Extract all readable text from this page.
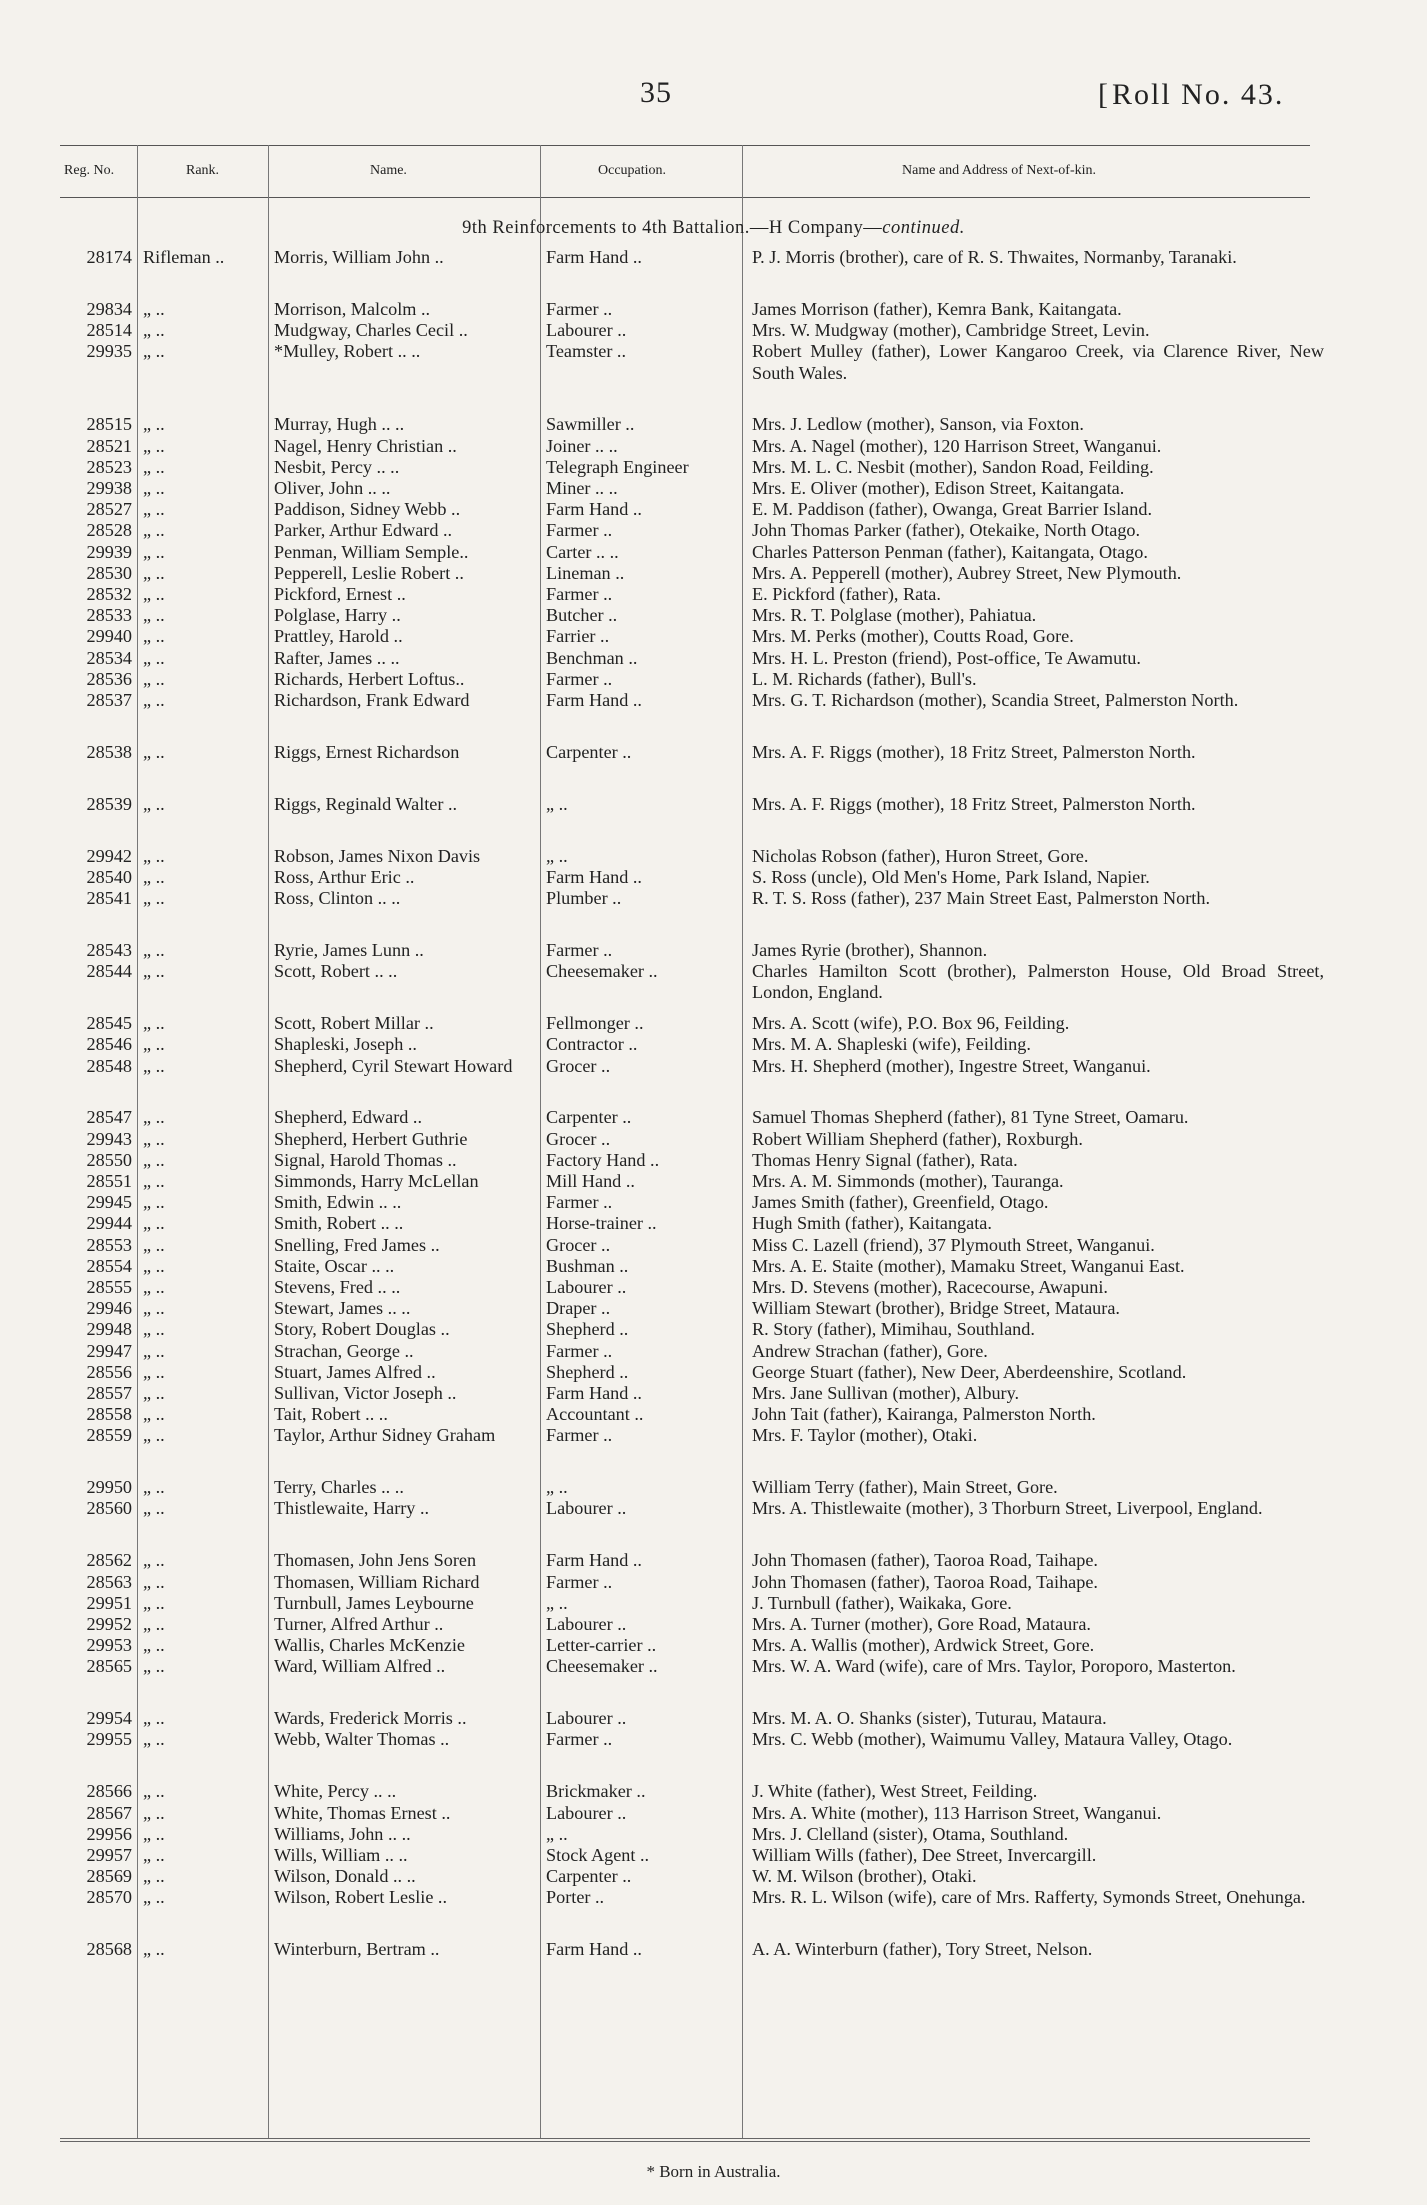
35
[	Roll No. 43.
Reg. No.	Rank.	Name.	Occupation.	Name and Address of Next-of-kin.
9th Reinforcements to 4th Battalion.—H Company—continued.
28174 Rifleman ..	Morris, William John ..	Farm Hand ..	P. J. Morris (brother), care of R. S. Thwaites, Normanby, Taranaki.
29834 „ ..	Morrison, Malcolm ..	Farmer ..	James Morrison (father), Kemra Bank, Kaitangata.
28514 „ ..	Mudgway, Charles Cecil ..	Labourer ..	Mrs. W. Mudgway (mother), Cambridge Street, Levin.
29935 „ ..	*Mulley, Robert .. ..	Teamster ..	Robert Mulley (father), Lower Kangaroo Creek, via Clarence River, New South Wales.
28515 „ ..	Murray, Hugh .. ..	Sawmiller ..	Mrs. J. Ledlow (mother), Sanson, via Foxton.
28521 „ ..	Nagel, Henry Christian ..	Joiner .. ..	Mrs. A. Nagel (mother), 120 Harrison Street, Wanganui.
28523 „ ..	Nesbit, Percy .. ..	Telegraph Engineer	Mrs. M. L. C. Nesbit (mother), Sandon Road, Feilding.
29938 „ ..	Oliver, John .. ..	Miner .. ..	Mrs. E. Oliver (mother), Edison Street, Kaitangata.
28527 „ ..	Paddison, Sidney Webb ..	Farm Hand ..	E. M. Paddison (father), Owanga, Great Barrier Island.
28528 „ ..	Parker, Arthur Edward ..	Farmer ..	John Thomas Parker (father), Otekaike, North Otago.
29939 „ ..	Penman, William Semple..	Carter .. ..	Charles Patterson Penman (father), Kaitangata, Otago.
28530 „ ..	Pepperell, Leslie Robert ..	Lineman ..	Mrs. A. Pepperell (mother), Aubrey Street, New Plymouth.
28532 „ ..	Pickford, Ernest ..	Farmer ..	E. Pickford (father), Rata.
28533 „ ..	Polglase, Harry ..	Butcher ..	Mrs. R. T. Polglase (mother), Pahiatua.
29940 „ ..	Prattley, Harold ..	Farrier ..	Mrs. M. Perks (mother), Coutts Road, Gore.
28534 „ ..	Rafter, James .. ..	Benchman ..	Mrs. H. L. Preston (friend), Post-office, Te Awamutu.
28536 „ ..	Richards, Herbert Loftus..	Farmer ..	L. M. Richards (father), Bull's.
28537 „ ..	Richardson, Frank Edward	Farm Hand ..	Mrs. G. T. Richardson (mother), Scandia Street, Palmerston North.
28538 „ ..	Riggs, Ernest Richardson	Carpenter ..	Mrs. A. F. Riggs (mother), 18 Fritz Street, Palmerston North.
28539 „ ..	Riggs, Reginald Walter ..	„ ..	Mrs. A. F. Riggs (mother), 18 Fritz Street, Palmerston North.
29942 „ ..	Robson, James Nixon Davis	„ ..	Nicholas Robson (father), Huron Street, Gore.
28540 „ ..	Ross, Arthur Eric ..	Farm Hand ..	S. Ross (uncle), Old Men's Home, Park Island, Napier.
28541 „ ..	Ross, Clinton .. ..	Plumber ..	R. T. S. Ross (father), 237 Main Street East, Palmerston North.
28543 „ ..	Ryrie, James Lunn ..	Farmer ..	James Ryrie (brother), Shannon.
28544 „ ..	Scott, Robert .. ..	Cheesemaker ..	Charles Hamilton Scott (brother), Palmerston House, Old Broad Street, London, England.
28545 „ ..	Scott, Robert Millar ..	Fellmonger ..	Mrs. A. Scott (wife), P.O. Box 96, Feilding.
28546 „ ..	Shapleski, Joseph ..	Contractor ..	Mrs. M. A. Shapleski (wife), Feilding.
28548 „ ..	Shepherd, Cyril Stewart Howard	Grocer ..	Mrs. H. Shepherd (mother), Ingestre Street, Wanganui.
28547 „ ..	Shepherd, Edward ..	Carpenter ..	Samuel Thomas Shepherd (father), 81 Tyne Street, Oamaru.
29943 „ ..	Shepherd, Herbert Guthrie	Grocer ..	Robert William Shepherd (father), Roxburgh.
28550 „ ..	Signal, Harold Thomas ..	Factory Hand ..	Thomas Henry Signal (father), Rata.
28551 „ ..	Simmonds, Harry McLellan	Mill Hand ..	Mrs. A. M. Simmonds (mother), Tauranga.
29945 „ ..	Smith, Edwin .. ..	Farmer ..	James Smith (father), Greenfield, Otago.
29944 „ ..	Smith, Robert .. ..	Horse-trainer ..	Hugh Smith (father), Kaitangata.
28553 „ ..	Snelling, Fred James ..	Grocer ..	Miss C. Lazell (friend), 37 Plymouth Street, Wanganui.
28554 „ ..	Staite, Oscar .. ..	Bushman ..	Mrs. A. E. Staite (mother), Mamaku Street, Wanganui East.
28555 „ ..	Stevens, Fred .. ..	Labourer ..	Mrs. D. Stevens (mother), Racecourse, Awapuni.
29946 „ ..	Stewart, James .. ..	Draper ..	William Stewart (brother), Bridge Street, Mataura.
29948 „ ..	Story, Robert Douglas ..	Shepherd ..	R. Story (father), Mimihau, Southland.
29947 „ ..	Strachan, George ..	Farmer ..	Andrew Strachan (father), Gore.
28556 „ ..	Stuart, James Alfred ..	Shepherd ..	George Stuart (father), New Deer, Aberdeenshire, Scotland.
28557 „ ..	Sullivan, Victor Joseph ..	Farm Hand ..	Mrs. Jane Sullivan (mother), Albury.
28558 „ ..	Tait, Robert .. ..	Accountant ..	John Tait (father), Kairanga, Palmerston North.
28559 „ ..	Taylor, Arthur Sidney Graham	Farmer ..	Mrs. F. Taylor (mother), Otaki.
29950 „ ..	Terry, Charles .. ..	„ ..	William Terry (father), Main Street, Gore.
28560 „ ..	Thistlewaite, Harry ..	Labourer ..	Mrs. A. Thistlewaite (mother), 3 Thorburn Street, Liverpool, England.
28562 „ ..	Thomasen, John Jens Soren	Farm Hand ..	John Thomasen (father), Taoroa Road, Taihape.
28563 „ ..	Thomasen, William Richard	Farmer ..	John Thomasen (father), Taoroa Road, Taihape.
29951 „ ..	Turnbull, James Leybourne	„ ..	J. Turnbull (father), Waikaka, Gore.
29952 „ ..	Turner, Alfred Arthur ..	Labourer ..	Mrs. A. Turner (mother), Gore Road, Mataura.
29953 „ ..	Wallis, Charles McKenzie	Letter-carrier ..	Mrs. A. Wallis (mother), Ardwick Street, Gore.
28565 „ ..	Ward, William Alfred ..	Cheesemaker ..	Mrs. W. A. Ward (wife), care of Mrs. Taylor, Poroporo, Masterton.
29954 „ ..	Wards, Frederick Morris ..	Labourer ..	Mrs. M. A. O. Shanks (sister), Tuturau, Mataura.
29955 „ ..	Webb, Walter Thomas ..	Farmer ..	Mrs. C. Webb (mother), Waimumu Valley, Mataura Valley, Otago.
28566 „ ..	White, Percy .. ..	Brickmaker ..	J. White (father), West Street, Feilding.
28567 „ ..	White, Thomas Ernest ..	Labourer ..	Mrs. A. White (mother), 113 Harrison Street, Wanganui.
29956 „ ..	Williams, John .. ..	„ ..	Mrs. J. Clelland (sister), Otama, Southland.
29957 „ ..	Wills, William .. ..	Stock Agent ..	William Wills (father), Dee Street, Invercargill.
28569 „ ..	Wilson, Donald .. ..	Carpenter ..	W. M. Wilson (brother), Otaki.
28570 „ ..	Wilson, Robert Leslie ..	Porter ..	Mrs. R. L. Wilson (wife), care of Mrs. Rafferty, Symonds Street, Onehunga.
28568 „ ..	Winterburn, Bertram ..	Farm Hand ..	A. A. Winterburn (father), Tory Street, Nelson.
* Born in Australia.
